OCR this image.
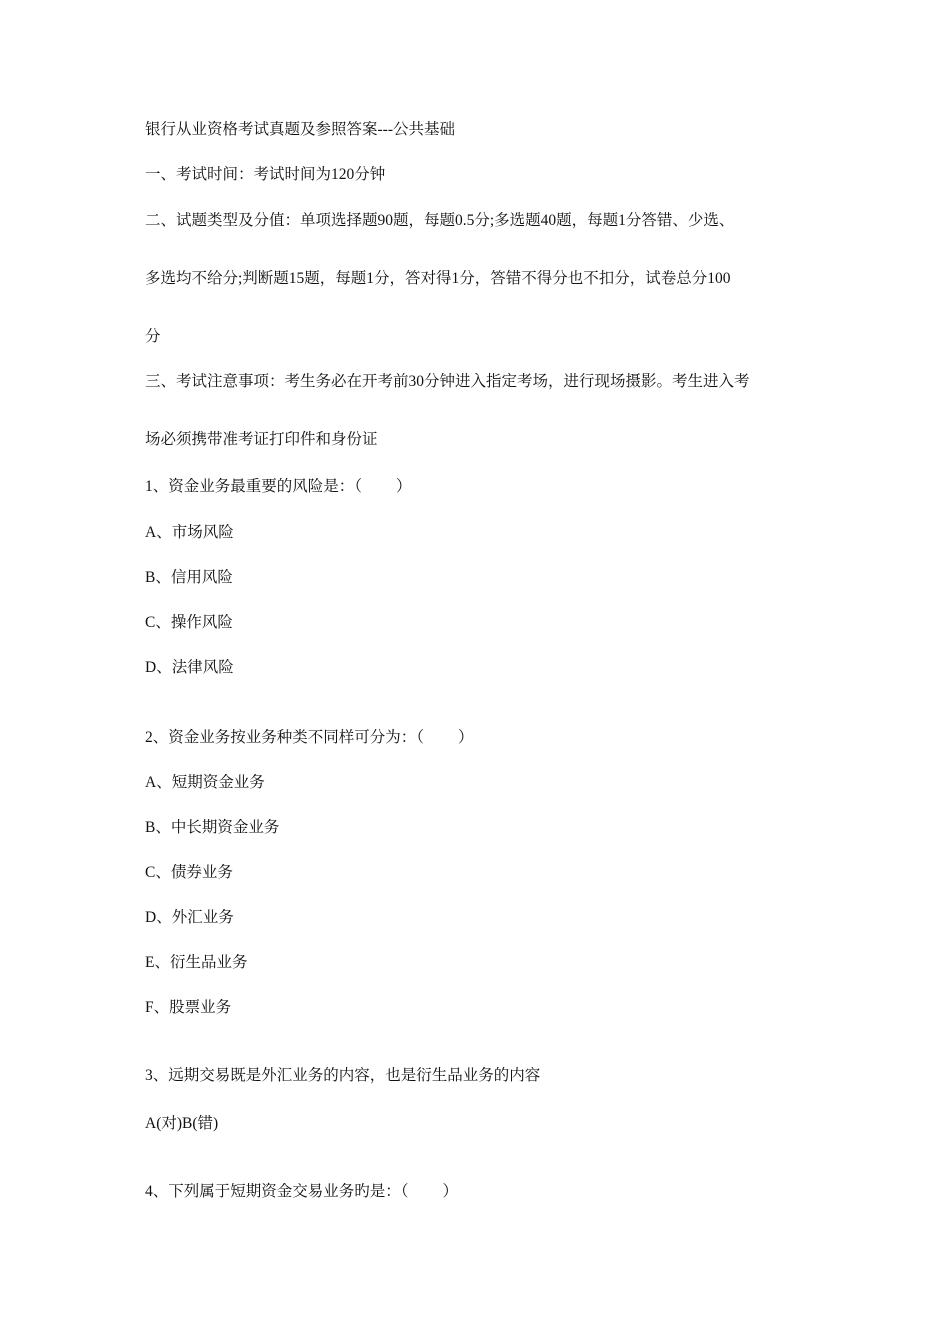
银行从业资格考试真题及参照答案---公共基础

一、考试时间：考试时间为120分钟

二、试题类型及分值：单项选择题90题，每题0.5分;多选题40题，每题1分答错、少选、

多选均不给分;判断题15题，每题1分，答对得1分，答错不得分也不扣分，试卷总分100

分

三、考试注意事项：考生务必在开考前30分钟进入指定考场，进行现场摄影。考生进入考

场必须携带准考证打印件和身份证

1、资金业务最重要的风险是：（ ）

A、市场风险

B、信用风险

C、操作风险

D、法律风险

2、资金业务按业务种类不同样可分为：（ ）

A、短期资金业务

B、中长期资金业务

C、债券业务

D、外汇业务

E、衍生品业务

F、股票业务

3、远期交易既是外汇业务的内容，也是衍生品业务的内容

A(对)B(错)

4、下列属于短期资金交易业务旳是：（ ）
